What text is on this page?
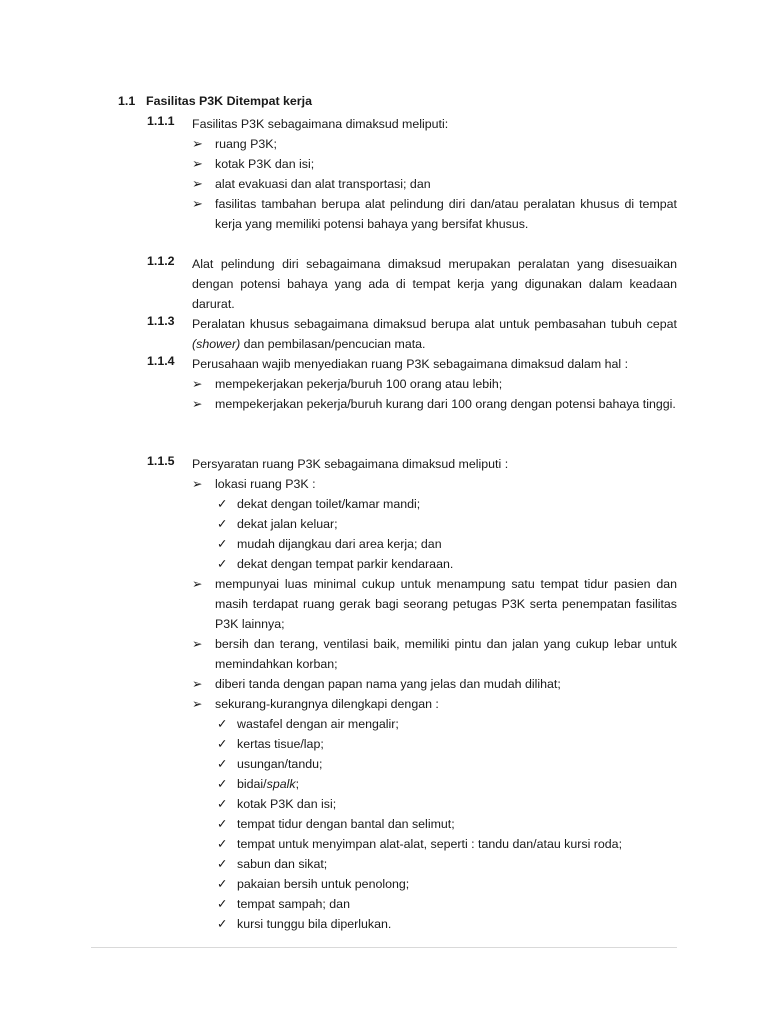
1.1 Fasilitas P3K Ditempat kerja
1.1.1 Fasilitas P3K sebagaimana dimaksud meliputi:

➢ ruang P3K;
➢ kotak P3K dan isi;
➢ alat evakuasi dan alat transportasi; dan
➢ fasilitas tambahan berupa alat pelindung diri dan/atau peralatan khusus di tempat kerja yang memiliki potensi bahaya yang bersifat khusus.
1.1.2 Alat pelindung diri sebagaimana dimaksud merupakan peralatan yang disesuaikan dengan potensi bahaya yang ada di tempat kerja yang digunakan dalam keadaan darurat.

1.1.3 Peralatan khusus sebagaimana dimaksud berupa alat untuk pembasahan tubuh cepat (shower) dan pembilasan/pencucian mata.

1.1.4 Perusahaan wajib menyediakan ruang P3K sebagaimana dimaksud dalam hal :

➢	mempekerjakan pekerja/buruh 100 orang atau lebih;
➢	mempekerjakan pekerja/buruh kurang dari 100 orang dengan potensi bahaya tinggi.
1.1.5 Persyaratan ruang P3K sebagaimana dimaksud meliputi :

➢	lokasi ruang P3K :
✓ dekat dengan toilet/kamar mandi;
✓ dekat jalan keluar;
✓ mudah dijangkau dari area kerja; dan
✓ dekat dengan tempat parkir kendaraan.
➢	mempunyai luas minimal cukup untuk menampung satu tempat tidur pasien dan masih terdapat ruang gerak bagi seorang petugas P3K serta penempatan fasilitas P3K lainnya;
➢	bersih dan terang, ventilasi baik, memiliki pintu dan jalan yang cukup lebar untuk memindahkan korban;
➢	diberi tanda dengan papan nama yang jelas dan mudah dilihat;
➢	sekurang-kurangnya dilengkapi dengan :
✓ wastafel dengan air mengalir;
✓ kertas tisue/lap;
✓ usungan/tandu;
✓ bidai/spalk;
✓ kotak P3K dan isi;
✓ tempat tidur dengan bantal dan selimut;
✓ tempat untuk menyimpan alat-alat, seperti : tandu dan/atau kursi roda;
✓ sabun dan sikat;
✓ pakaian bersih untuk penolong;
✓ tempat sampah; dan
✓ kursi tunggu bila diperlukan.
